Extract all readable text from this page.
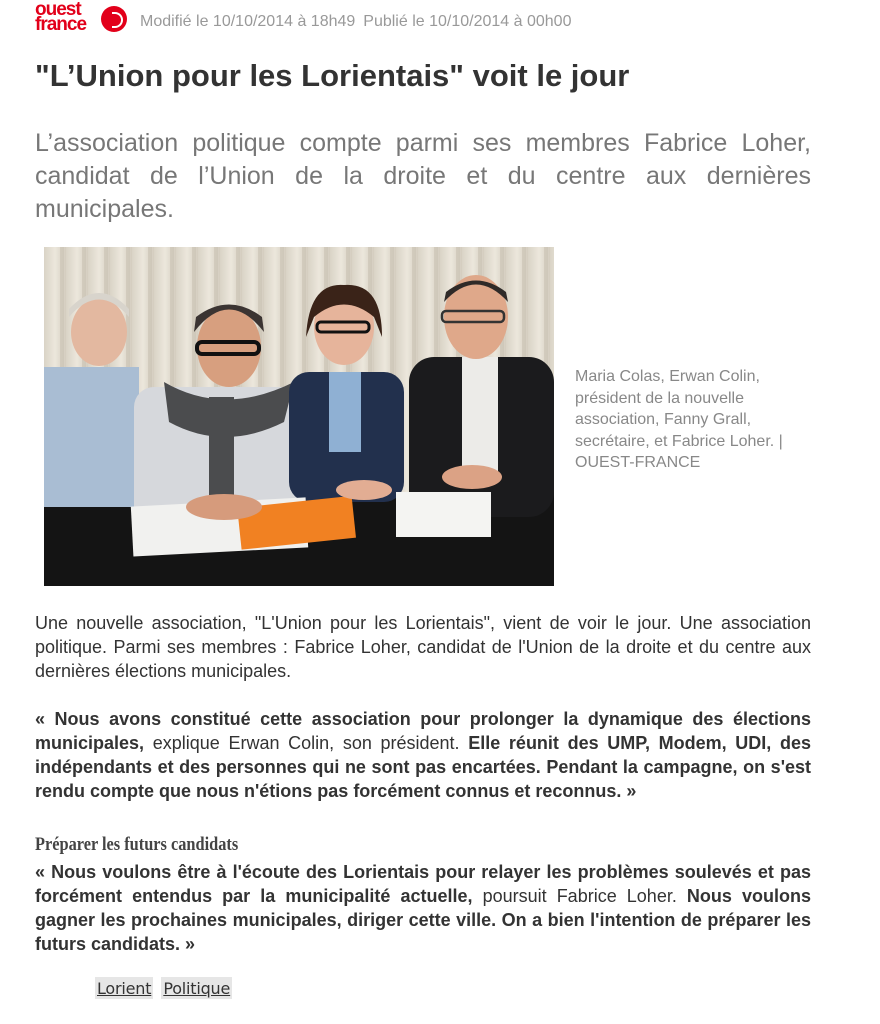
ouest
france	Modifié le 10/10/2014 à 18h49 Publié le 10/10/2014 à 00h00
"L’Union pour les Lorientais" voit le jour

L’association politique compte parmi ses membres Fabrice Loher, candidat de l’Union de la droite et du centre aux dernières municipales.

Maria Colas, Erwan Colin, président de la nouvelle association, Fanny Grall, secrétaire, et Fabrice Loher. | OUEST-FRANCE

Une nouvelle association, "L'Union pour les Lorientais", vient de voir le jour. Une association politique. Parmi ses membres : Fabrice Loher, candidat de l'Union de la droite et du centre aux dernières élections municipales.

« Nous avons constitué cette association pour prolonger la dynamique des élections municipales, explique Erwan Colin, son président. Elle réunit des UMP, Modem, UDI, des indépendants et des personnes qui ne sont pas encartées. Pendant la campagne, on s'est rendu compte que nous n'étions pas forcément connus et reconnus. »

Préparer les futurs candidats

« Nous voulons être à l'écoute des Lorientais pour relayer les problèmes soulevés et pas forcément entendus par la municipalité actuelle, poursuit Fabrice Loher. Nous voulons gagner les prochaines municipales, diriger cette ville. On a bien l'intention de préparer les futurs candidats. »

Lorient Politique
